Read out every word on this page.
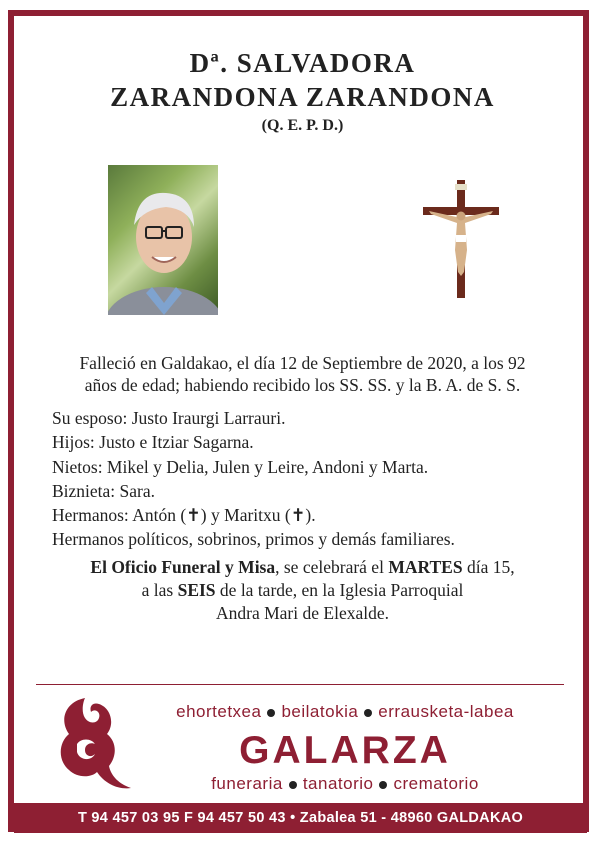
Dª. SALVADORA
ZARANDONA ZARANDONA
(Q. E. P. D.)
Falleció en Galdakao, el día 12 de Septiembre de 2020, a los 92
años de edad; habiendo recibido los SS. SS. y la B. A. de S. S.
Su esposo: Justo Iraurgi Larrauri.
Hijos: Justo e Itziar Sagarna.
Nietos: Mikel y Delia, Julen y Leire, Andoni y Marta.
Biznieta: Sara.
Hermanos: Antón (✝) y Maritxu (✝).
Hermanos políticos, sobrinos, primos y demás familiares.
El Oficio Funeral y Misa, se celebrará el MARTES día 15,
a las SEIS de la tarde, en la Iglesia Parroquial
Andra Mari de Elexalde.
ehortetxea beilatokia errausketa-labea
GALARZA
funeraria tanatorio crematorio
T 94 457 03 95 F 94 457 50 43 • Zabalea 51 - 48960 GALDAKAO
